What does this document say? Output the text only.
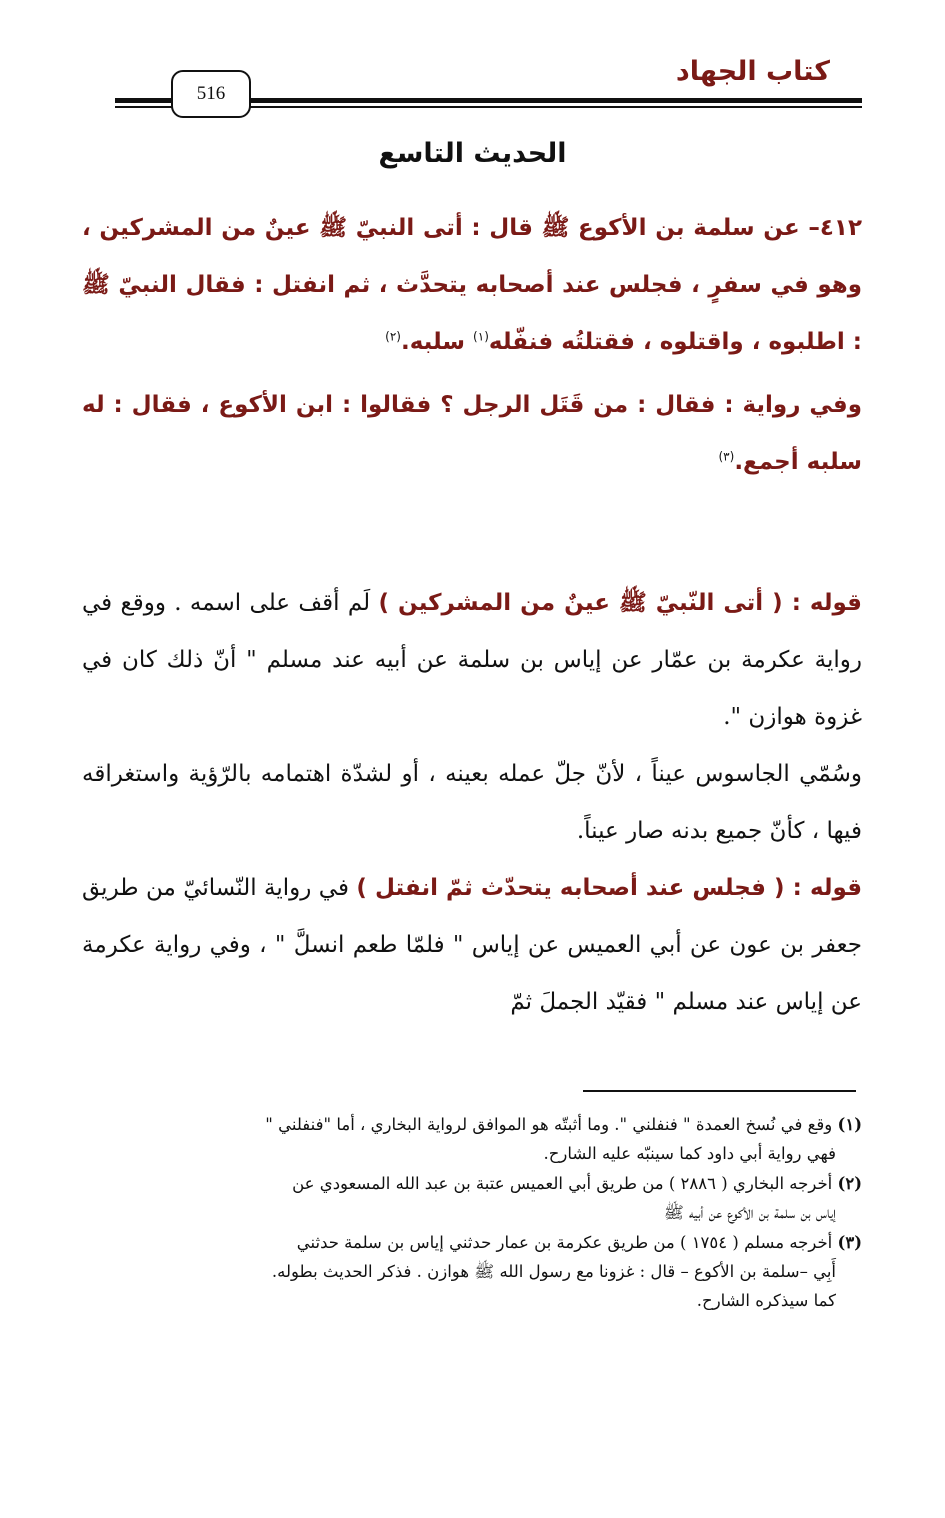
كتاب الجهاد
516
الحديث التاسع

٤١٢– عن سلمة بن الأكوع ﷺ قال : أتى النبيّ ﷺ عينٌ من المشركين ، وهو في سفرٍ ، فجلس عند أصحابه يتحدَّث ، ثم انفتل : فقال النبيّ ﷺ : اطلبوه ، واقتلوه ، فقتلتُه فنفّله$^{(١)}$ سلبه.$^{(٢)}$

وفي رواية : فقال : من قَتَل الرجل ؟ فقالوا : ابن الأكوع ، فقال : له سلبه أجمع.$^{(٣)}$

قوله : ( أتى النّبيّ ﷺ عينٌ من المشركين ) لَم أقف على اسمه . ووقع في رواية عكرمة بن عمّار عن إياس بن سلمة عن أبيه عند مسلم " أنّ ذلك كان في غزوة هوازن ".

وسُمّي الجاسوس عيناً ، لأنّ جلّ عمله بعينه ، أو لشدّة اهتمامه بالرّؤية واستغراقه فيها ، كأنّ جميع بدنه صار عيناً.

قوله : ( فجلس عند أصحابه يتحدّث ثمّ انفتل ) في رواية النّسائيّ من طريق جعفر بن عون عن أبي العميس عن إياس " فلمّا طعم انسلَّ " ، وفي رواية عكرمة عن إياس عند مسلم " فقيّد الجملَ ثمّ

(١) وقع في نُسخ العمدة " فنفلني ". وما أثبتّه هو الموافق لرواية البخاري ، أما "فنفلني "
فهي رواية أبي داود كما سينبّه عليه الشارح.
(٢) أخرجه البخاري ( ٢٨٨٦ ) من طريق أبي العميس عتبة بن عبد الله المسعودي عن
إياس بن سلمة بن الأكوع عن أبيه ﷺ
(٣) أخرجه مسلم ( ١٧٥٤ ) من طريق عكرمة بن عمار حدثني إياس بن سلمة حدثني
أَبِي –سلمة بن الأكوع – قال : غزونا مع رسول الله ﷺ هوازن . فذكر الحديث بطوله.
كما سيذكره الشارح.
